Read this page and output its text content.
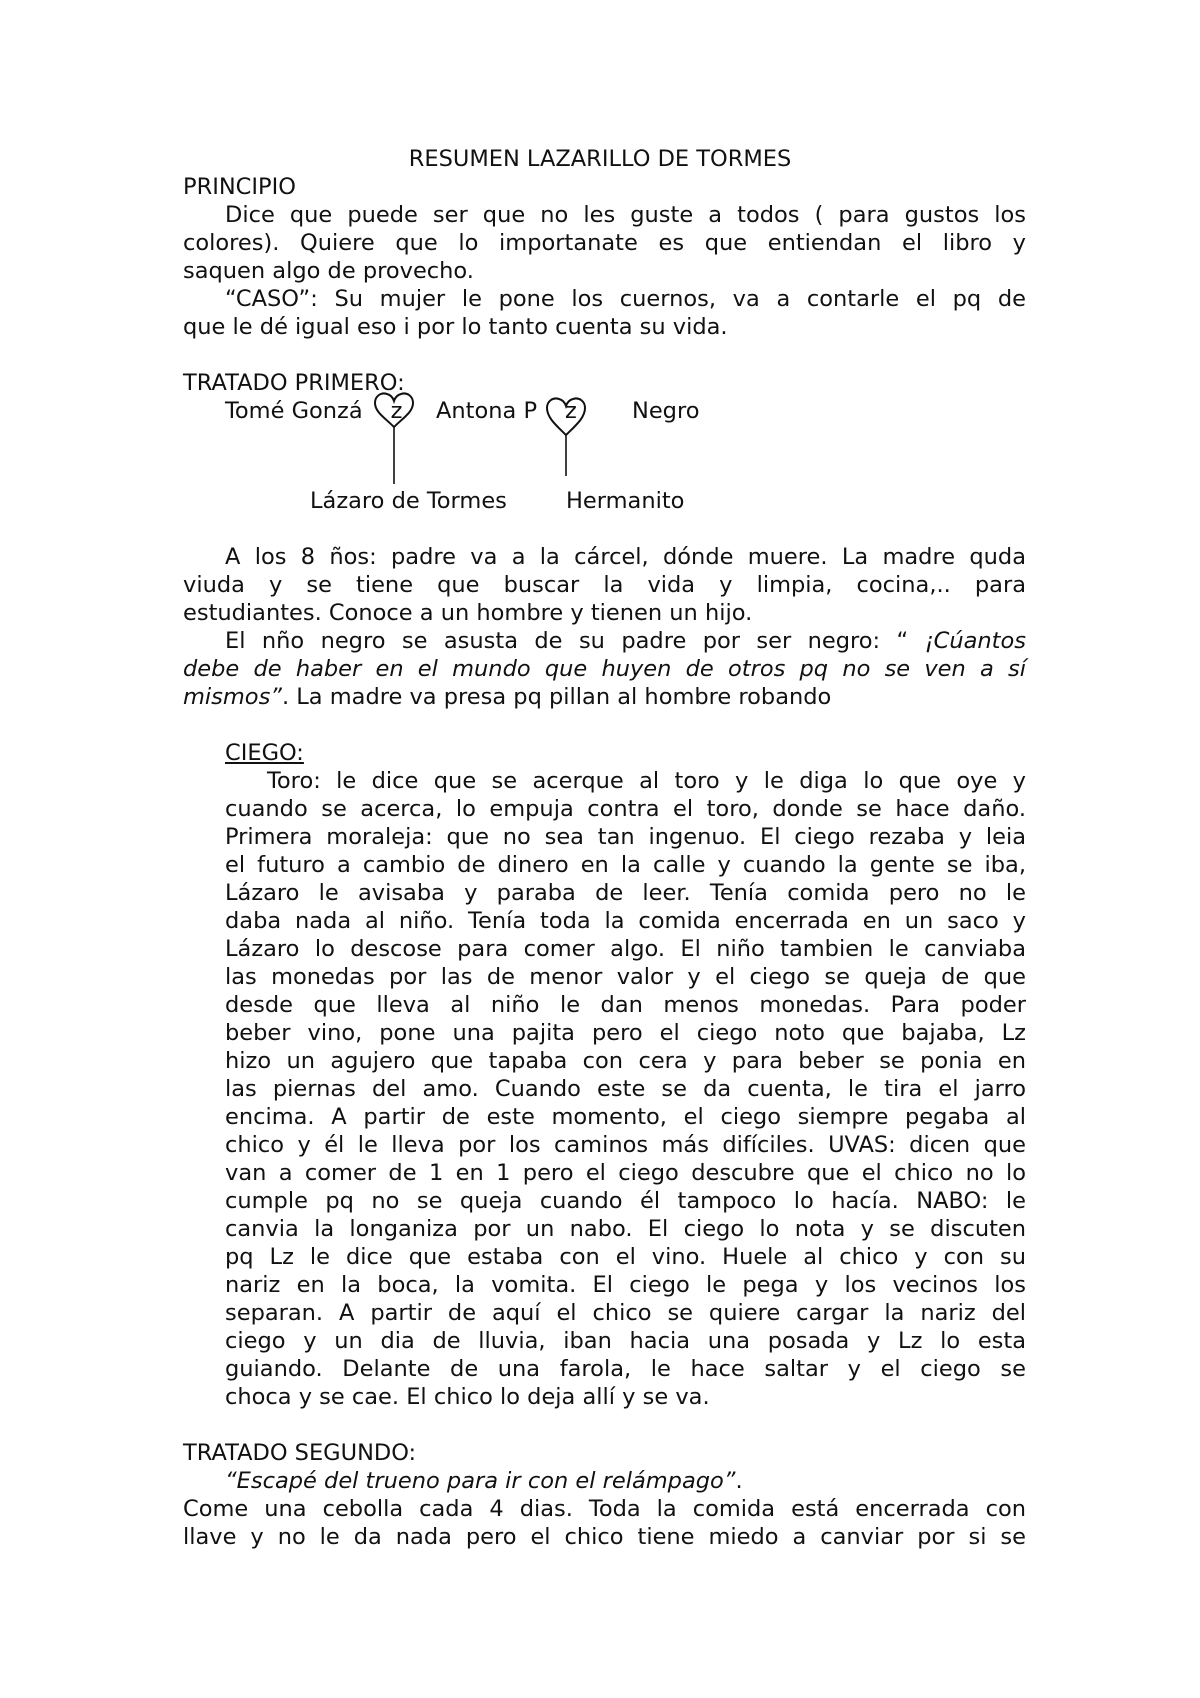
RESUMEN LAZARILLO DE TORMES

PRINCIPIO

Dice que puede ser que no les guste a todos ( para gustos los

colores). Quiere que lo importanate es que entiendan el libro y

saquen algo de provecho.

“CASO”: Su mujer le pone los cuernos, va a contarle el pq de

que le dé igual eso i por lo tanto cuenta su vida.

TRATADO PRIMERO:

Tomé Gonzá z Antona P z Negro

Lázaro de Tormes	Hermanito

A los 8 ños: padre va a la cárcel, dónde muere. La madre quda

viuda y se tiene que buscar la vida y limpia, cocina,.. para

estudiantes. Conoce a un hombre y tienen un hijo.

El nño negro se asusta de su padre por ser negro: “ ¡Cúantos

debe de haber en el mundo que huyen de otros pq no se ven a sí

mismos”. La madre va presa pq pillan al hombre robando

CIEGO:

Toro: le dice que se acerque al toro y le diga lo que oye y

cuando se acerca, lo empuja contra el toro, donde se hace daño.

Primera moraleja: que no sea tan ingenuo. El ciego rezaba y leia

el futuro a cambio de dinero en la calle y cuando la gente se iba,

Lázaro le avisaba y paraba de leer. Tenía comida pero no le

daba nada al niño. Tenía toda la comida encerrada en un saco y

Lázaro lo descose para comer algo. El niño tambien le canviaba

las monedas por las de menor valor y el ciego se queja de que

desde que lleva al niño le dan menos monedas. Para poder

beber vino, pone una pajita pero el ciego noto que bajaba, Lz

hizo un agujero que tapaba con cera y para beber se ponia en

las piernas del amo. Cuando este se da cuenta, le tira el jarro

encima. A partir de este momento, el ciego siempre pegaba al

chico y él le lleva por los caminos más difíciles. UVAS: dicen que

van a comer de 1 en 1 pero el ciego descubre que el chico no lo

cumple pq no se queja cuando él tampoco lo hacía. NABO: le

canvia la longaniza por un nabo. El ciego lo nota y se discuten

pq Lz le dice que estaba con el vino. Huele al chico y con su

nariz en la boca, la vomita. El ciego le pega y los vecinos los

separan. A partir de aquí el chico se quiere cargar la nariz del

ciego y un dia de lluvia, iban hacia una posada y Lz lo esta

guiando. Delante de una farola, le hace saltar y el ciego se

choca y se cae. El chico lo deja allí y se va.

TRATADO SEGUNDO:

“Escapé del trueno para ir con el relámpago”.

Come una cebolla cada 4 dias. Toda la comida está encerrada con

llave y no le da nada pero el chico tiene miedo a canviar por si se
